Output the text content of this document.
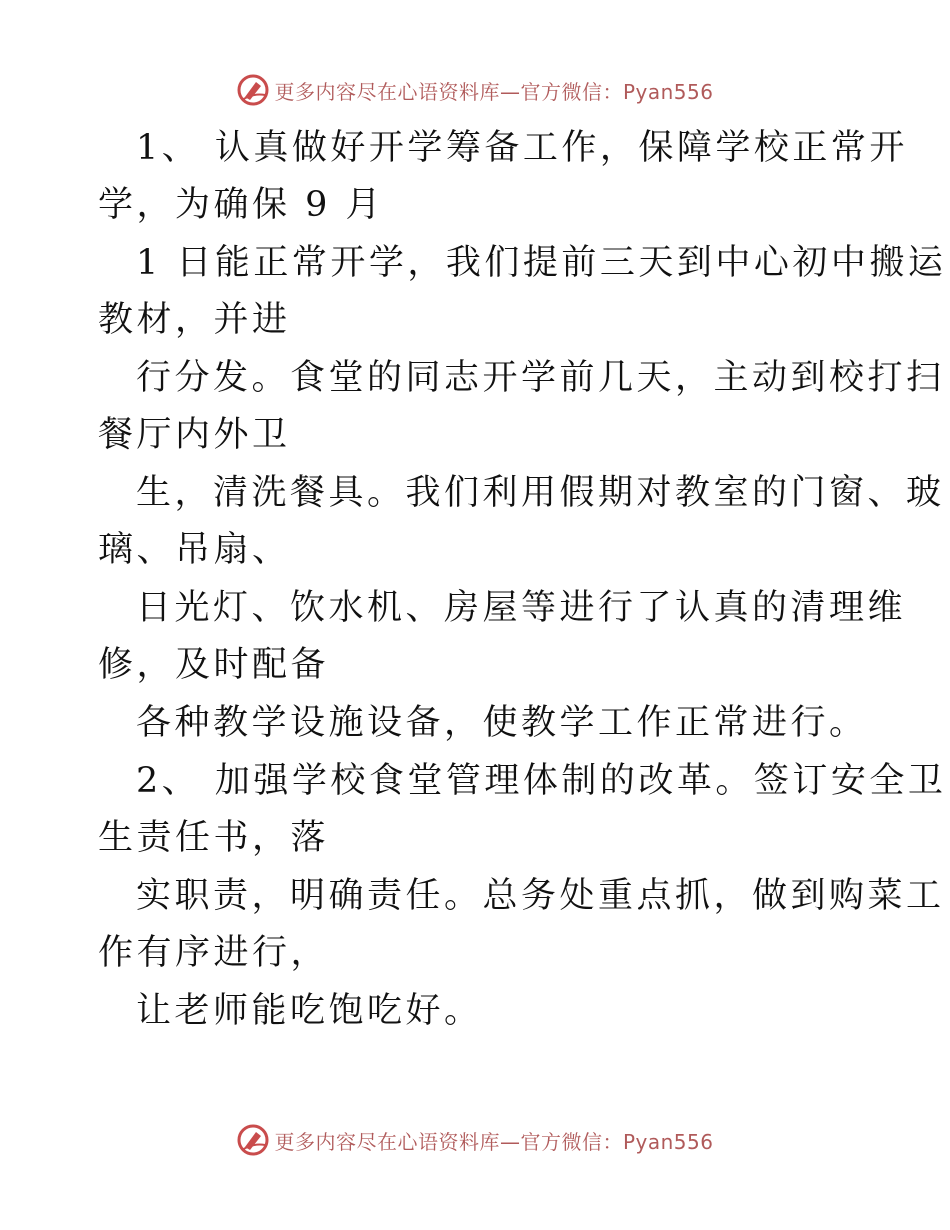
更多内容尽在心语资料库—官方微信：Pyan556
1、 认真做好开学筹备工作，保障学校正常开
学，为确保 9 月
1 日能正常开学，我们提前三天到中心初中搬运
教材，并进
行分发。食堂的同志开学前几天，主动到校打扫
餐厅内外卫
生，清洗餐具。我们利用假期对教室的门窗、玻
璃、吊扇、
日光灯、饮水机、房屋等进行了认真的清理维
修，及时配备
各种教学设施设备，使教学工作正常进行。
2、 加强学校食堂管理体制的改革。签订安全卫
生责任书，落
实职责，明确责任。总务处重点抓，做到购菜工
作有序进行，
让老师能吃饱吃好。
更多内容尽在心语资料库—官方微信：Pyan556
